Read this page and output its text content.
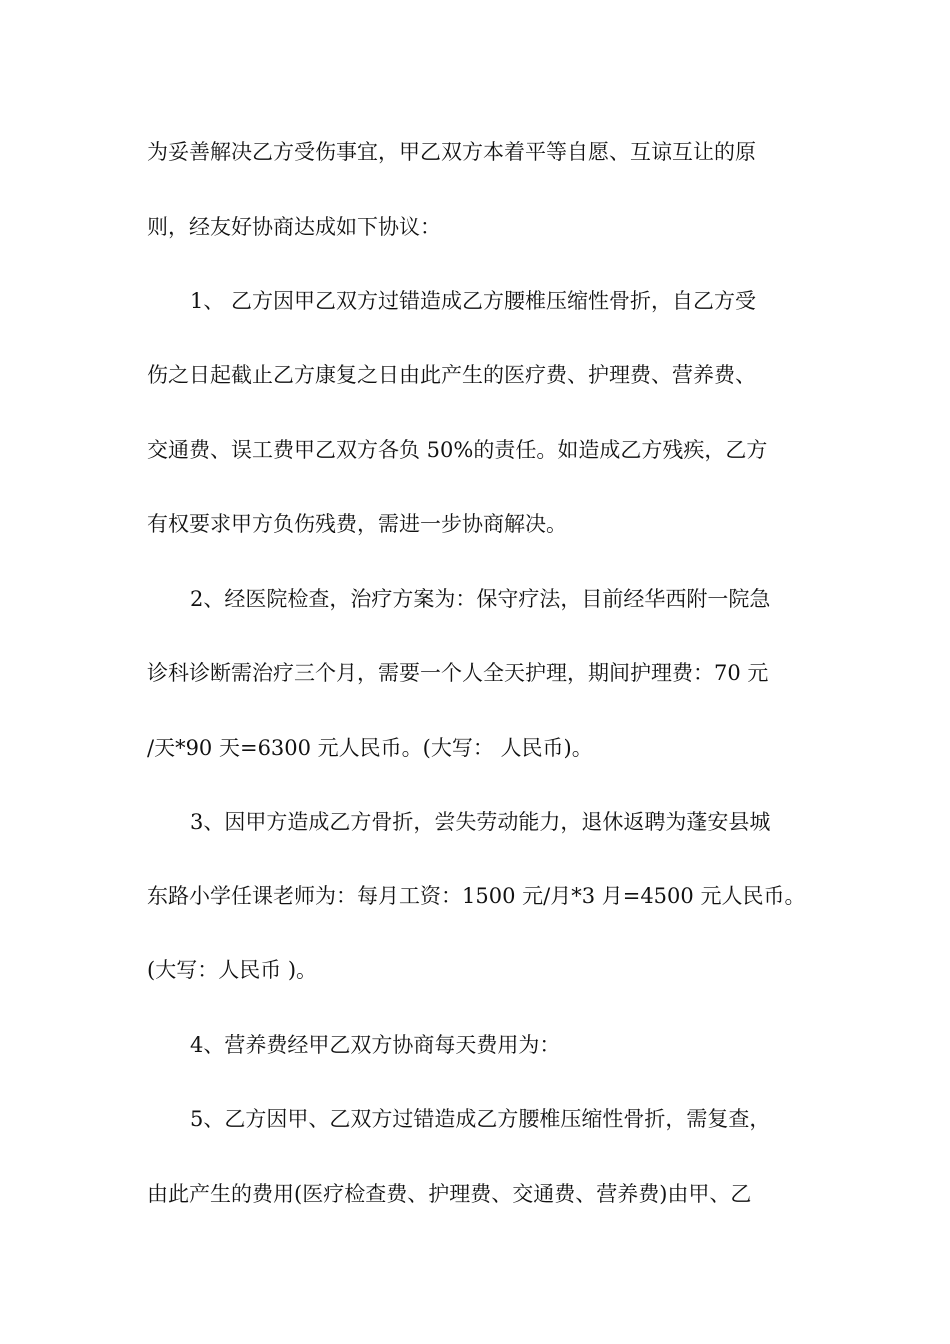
为妥善解决乙方受伤事宜，甲乙双方本着平等自愿、互谅互让的原
则，经友好协商达成如下协议：
1、 乙方因甲乙双方过错造成乙方腰椎压缩性骨折，自乙方受
伤之日起截止乙方康复之日由此产生的医疗费、护理费、营养费、
交通费、误工费甲乙双方各负 50%的责任。如造成乙方残疾，乙方
有权要求甲方负伤残费，需进一步协商解决。
2、经医院检查，治疗方案为：保守疗法，目前经华西附一院急
诊科诊断需治疗三个月，需要一个人全天护理，期间护理费：70 元
/天*90 天=6300 元人民币。(大写： 人民币)。
3、因甲方造成乙方骨折，尝失劳动能力，退休返聘为蓬安县城
东路小学任课老师为：每月工资：1500 元/月*3 月=4500 元人民币。
(大写：人民币 )。
4、营养费经甲乙双方协商每天费用为：
5、乙方因甲、乙双方过错造成乙方腰椎压缩性骨折，需复查，
由此产生的费用(医疗检查费、护理费、交通费、营养费)由甲、乙
